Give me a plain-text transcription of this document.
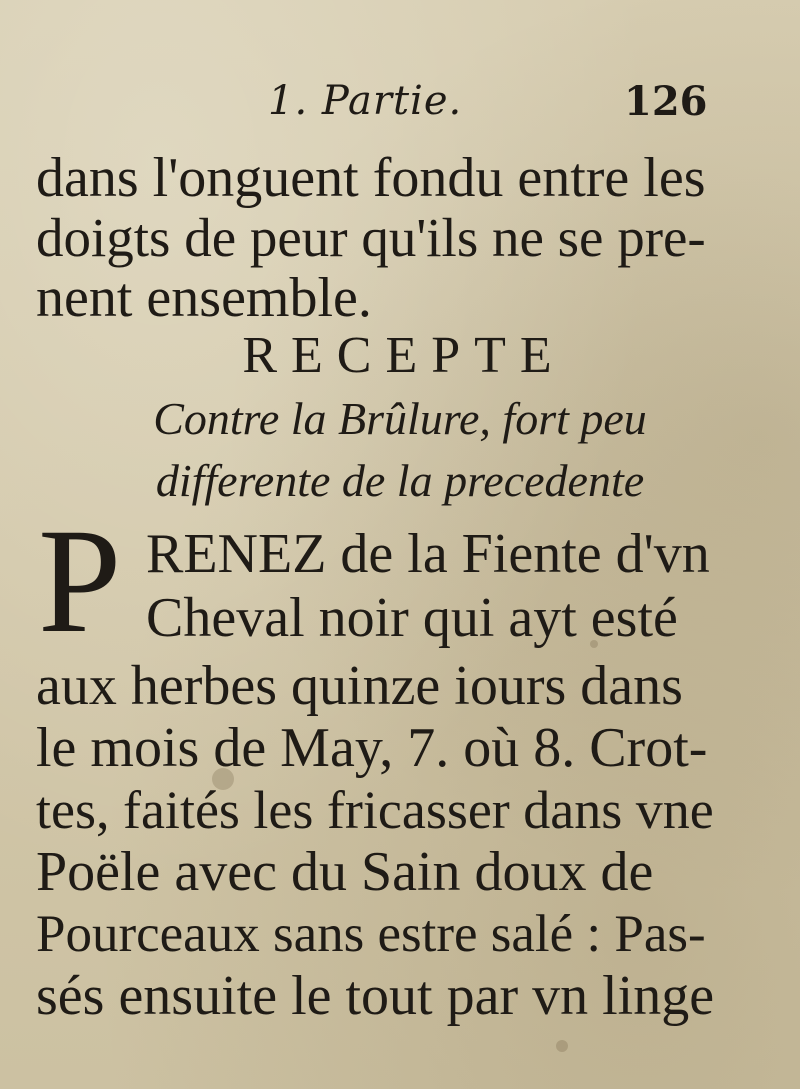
1. Partie.	126
dans l'onguent fondu entre les
doigts de peur qu'ils ne se pre-
nent ensemble.
RECEPTE
Contre la Brûlure, fort peu
differente de la precedente
P RENEZ de la Fiente d'vn
Cheval noir qui ayt esté
aux herbes quinze iours dans
le mois de May, 7. où 8. Crot-
tes, faités les fricasser dans vne
Poële avec du Sain doux de
Pourceaux sans estre salé : Pas-
sés ensuite le tout par vn linge
